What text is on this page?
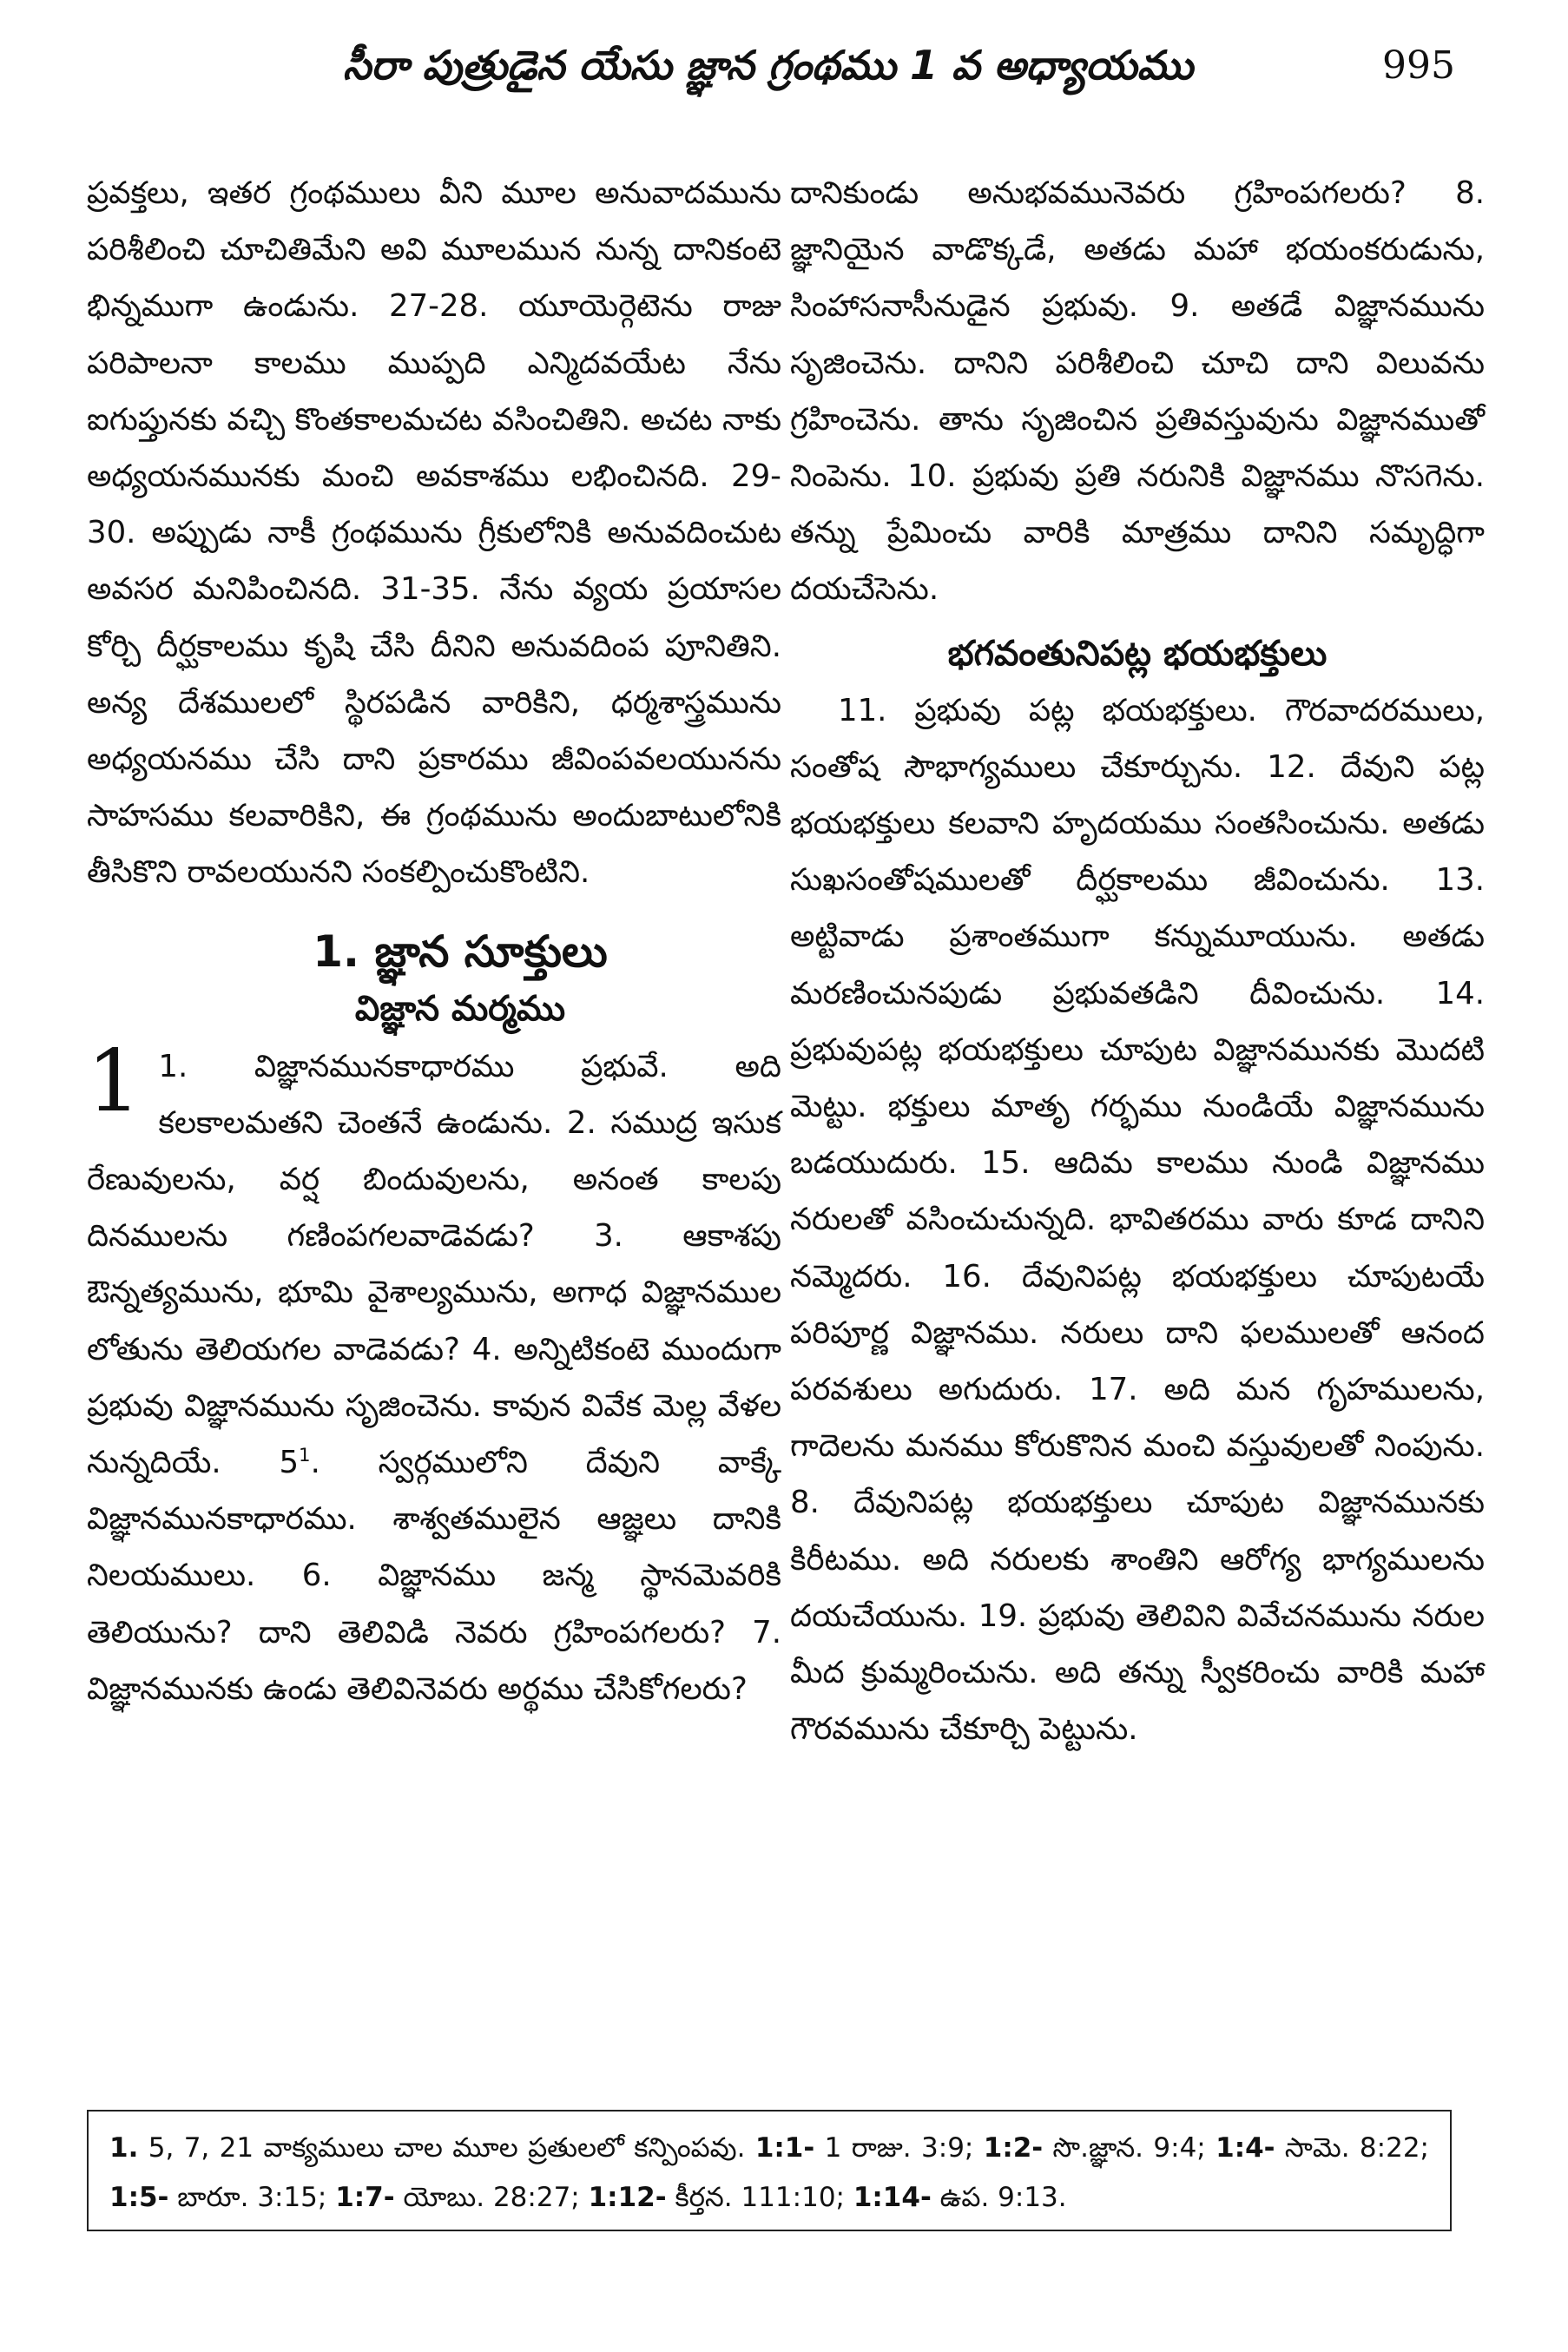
సీరా పుత్రుడైన యేసు జ్ఞాన గ్రంథము 1 వ అధ్యాయము	995

ప్రవక్తలు, ఇతర గ్రంథములు వీని మూల అనువాదమును పరిశీలించి చూచితిమేని అవి మూలమున నున్న దానికంటె భిన్నముగా ఉండును. 27-28. యూయెర్గెటెను రాజు పరిపాలనా కాలము ముప్పది ఎన్మిదవయేట నేను ఐగుప్తునకు వచ్చి కొంతకాలమచట వసించితిని. అచట నాకు అధ్యయనమునకు మంచి అవకాశము లభించినది. 29-30. అప్పుడు నాకీ గ్రంథమును గ్రీకులోనికి అనువదించుట అవసర మనిపించినది. 31-35. నేను వ్యయ ప్రయాసల కోర్చి దీర్ఘకాలము కృషి చేసి దీనిని అనువదింప పూనితిని. అన్య దేశములలో స్థిరపడిన వారికిని, ధర్మశాస్త్రమును అధ్యయనము చేసి దాని ప్రకారము జీవింపవలయునను సాహసము కలవారికిని, ఈ గ్రంథమును అందుబాటులోనికి తీసికొని రావలయునని సంకల్పించుకొంటిని.

1. జ్ఞాన సూక్తులు
విజ్ఞాన మర్మము

1 1. విజ్ఞానమునకాధారము ప్రభువే. అది కలకాలమతని చెంతనే ఉండును. 2. సముద్ర ఇసుక రేణువులను, వర్ష బిందువులను, అనంత కాలపు దినములను గణింపగలవాడెవడు? 3. ఆకాశపు ఔన్నత్యమును, భూమి వైశాల్యమును, అగాధ విజ్ఞానముల లోతును తెలియగల వాడెవడు? 4. అన్నిటికంటె ముందుగా ప్రభువు విజ్ఞానమును సృజించెను. కావున వివేక మెల్ల వేళల నున్నదియే. $5^1$. స్వర్గములోని దేవుని వాక్కే విజ్ఞానమునకాధారము. శాశ్వతములైన ఆజ్ఞలు దానికి నిలయములు. 6. విజ్ఞానము జన్మ స్థానమెవరికి తెలియును? దాని తెలివిడి నెవరు గ్రహింపగలరు? 7. విజ్ఞానమునకు ఉండు తెలివినెవరు అర్థము చేసికోగలరు?

దానికుండు అనుభవమునెవరు గ్రహింపగలరు? 8. జ్ఞానియైన వాడొక్కడే, అతడు మహా భయంకరుడును, సింహాసనాసీనుడైన ప్రభువు. 9. అతడే విజ్ఞానమును సృజించెను. దానిని పరిశీలించి చూచి దాని విలువను గ్రహించెను. తాను సృజించిన ప్రతివస్తువును విజ్ఞానముతో నింపెను. 10. ప్రభువు ప్రతి నరునికి విజ్ఞానము నొసగెను. తన్ను ప్రేమించు వారికి మాత్రము దానిని సమృద్ధిగా దయచేసెను.

భగవంతునిపట్ల భయభక్తులు

11. ప్రభువు పట్ల భయభక్తులు. గౌరవాదరములు, సంతోష సౌభాగ్యములు చేకూర్చును. 12. దేవుని పట్ల భయభక్తులు కలవాని హృదయము సంతసించును. అతడు సుఖసంతోషములతో దీర్ఘకాలము జీవించును. 13. అట్టివాడు ప్రశాంతముగా కన్నుమూయును. అతడు మరణించునపుడు ప్రభువతడిని దీవించును. 14. ప్రభువుపట్ల భయభక్తులు చూపుట విజ్ఞానమునకు మొదటి మెట్టు. భక్తులు మాతృ గర్భము నుండియే విజ్ఞానమును బడయుదురు. 15. ఆదిమ కాలము నుండి విజ్ఞానము నరులతో వసించుచున్నది. భావితరము వారు కూడ దానిని నమ్మెదరు. 16. దేవునిపట్ల భయభక్తులు చూపుటయే పరిపూర్ణ విజ్ఞానము. నరులు దాని ఫలములతో ఆనంద పరవశులు అగుదురు. 17. అది మన గృహములను, గాదెలను మనము కోరుకొనిన మంచి వస్తువులతో నింపును. 8. దేవునిపట్ల భయభక్తులు చూపుట విజ్ఞానమునకు కిరీటము. అది నరులకు శాంతిని ఆరోగ్య భాగ్యములను దయచేయును. 19. ప్రభువు తెలివిని వివేచనమును నరుల మీద క్రుమ్మరించును. అది తన్ను స్వీకరించు వారికి మహా గౌరవమును చేకూర్చి పెట్టును.

1. 5, 7, 21 వాక్యములు చాల మూల ప్రతులలో కన్పింపవు. 1:1- 1 రాజు. 3:9; 1:2- సొ.జ్ఞాన. 9:4; 1:4- సామె. 8:22; 1:5- బారూ. 3:15; 1:7- యోబు. 28:27; 1:12- కీర్తన. 111:10; 1:14- ఉప. 9:13.
